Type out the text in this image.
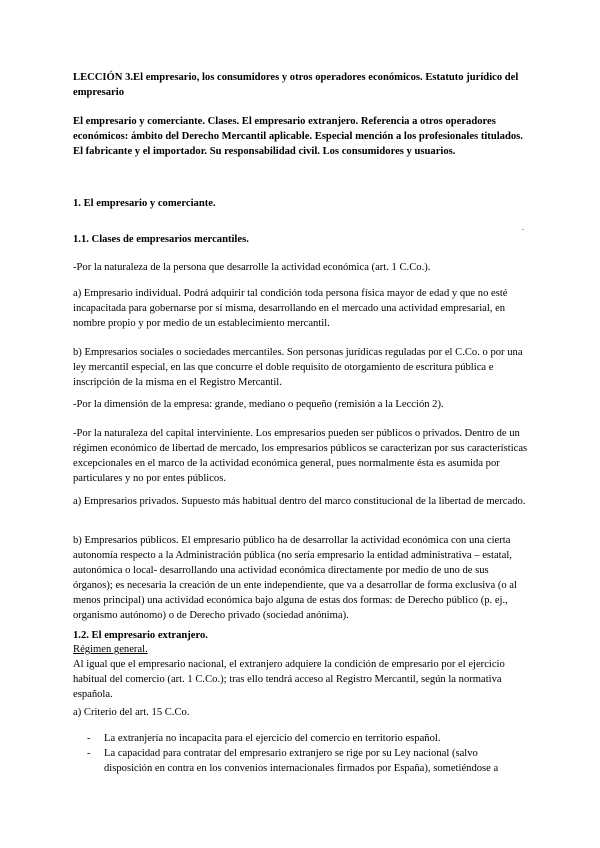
LECCIÓN 3.El empresario, los consumidores y otros operadores económicos. Estatuto jurídico del empresario

El empresario y comerciante. Clases. El empresario extranjero. Referencia a otros operadores económicos: ámbito del Derecho Mercantil aplicable. Especial mención a los profesionales titulados. El fabricante y el importador. Su responsabilidad civil. Los consumidores y usuarios.

1. El empresario y comerciante.

.

1.1. Clases de empresarios mercantiles.

-Por la naturaleza de la persona que desarrolle la actividad económica (art. 1 C.Co.).

a) Empresario individual. Podrá adquirir tal condición toda persona física mayor de edad y que no esté incapacitada para gobernarse por sí misma, desarrollando en el mercado una actividad empresarial, en nombre propio y por medio de un establecimiento mercantil.

b) Empresarios sociales o sociedades mercantiles. Son personas jurídicas reguladas por el C.Co. o por una ley mercantil especial, en las que concurre el doble requisito de otorgamiento de escritura pública e inscripción de la misma en el Registro Mercantil.

-Por la dimensión de la empresa: grande, mediano o pequeño (remisión a la Lección 2).

-Por la naturaleza del capital interviniente. Los empresarios pueden ser públicos o privados. Dentro de un régimen económico de libertad de mercado, los empresarios públicos se caracterizan por sus características excepcionales en el marco de la actividad económica general, pues normalmente ésta es asumida por particulares y no por entes públicos.

a) Empresarios privados. Supuesto más habitual dentro del marco constitucional de la libertad de mercado.

b) Empresarios públicos. El empresario público ha de desarrollar la actividad económica con una cierta autonomía respecto a la Administración pública (no sería empresario la entidad administrativa – estatal, autonómica o local- desarrollando una actividad económica directamente por medio de uno de sus órganos); es necesaria la creación de un ente independiente, que va a desarrollar de forma exclusiva (o al menos principal) una actividad económica bajo alguna de estas dos formas: de Derecho público (p. ej., organismo autónomo) o de Derecho privado (sociedad anónima).

1.2. El empresario extranjero.

Régimen general.

Al igual que el empresario nacional, el extranjero adquiere la condición de empresario por el ejercicio habitual del comercio (art. 1 C.Co.); tras ello tendrá acceso al Registro Mercantil, según la normativa española.

a) Criterio del art. 15 C.Co.

- La extranjería no incapacita para el ejercicio del comercio en territorio español.
- La capacidad para contratar del empresario extranjero se rige por su Ley nacional (salvo disposición en contra en los convenios internacionales firmados por España), sometiéndose a
